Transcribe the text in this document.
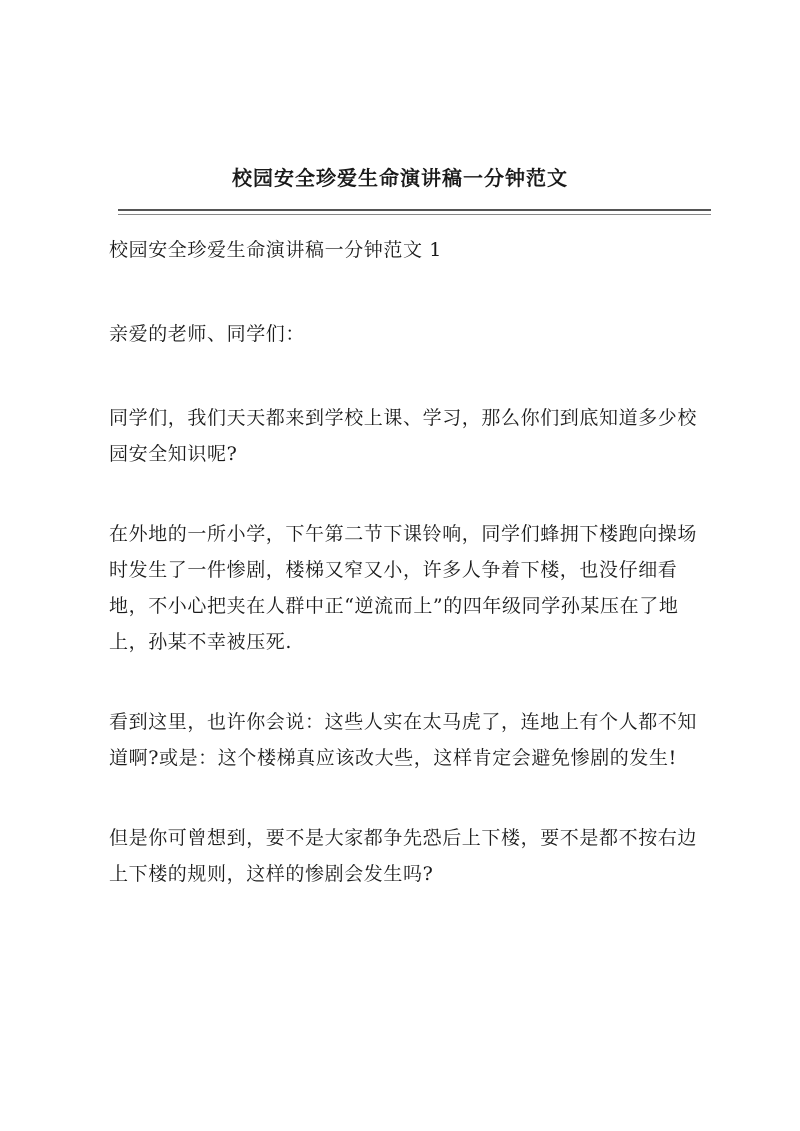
校园安全珍爱生命演讲稿一分钟范文

校园安全珍爱生命演讲稿一分钟范文 1

亲爱的老师、同学们：

同学们，我们天天都来到学校上课、学习，那么你们到底知道多少校园安全知识呢?

在外地的一所小学，下午第二节下课铃响，同学们蜂拥下楼跑向操场时发生了一件惨剧，楼梯又窄又小，许多人争着下楼，也没仔细看地，不小心把夹在人群中正“逆流而上”的四年级同学孙某压在了地上，孙某不幸被压死.

看到这里，也许你会说：这些人实在太马虎了，连地上有个人都不知道啊?或是：这个楼梯真应该改大些，这样肯定会避免惨剧的发生!

但是你可曾想到，要不是大家都争先恐后上下楼，要不是都不按右边上下楼的规则，这样的惨剧会发生吗?
